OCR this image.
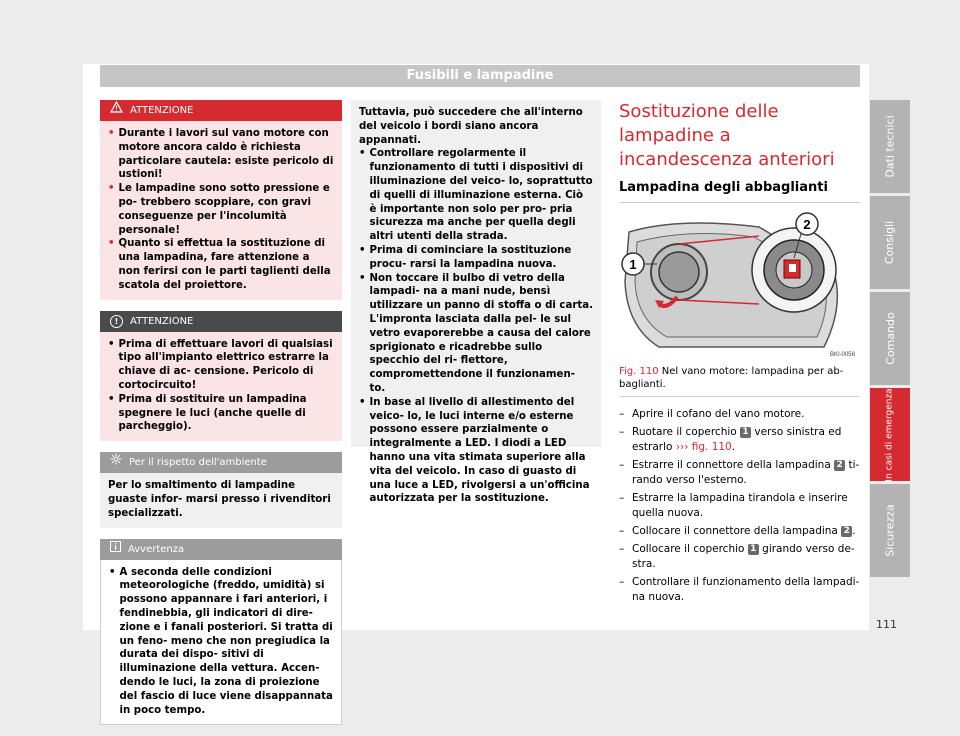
Fusibili e lampadine
ATTENZIONE
• Durante i lavori sul vano motore con motore ancora caldo è richiesta particolare cautela: esiste pericolo di ustioni!
• Le lampadine sono sotto pressione e po- trebbero scoppiare, con gravi conseguenze per l'incolumità personale!
• Quanto si effettua la sostituzione di una lampadina, fare attenzione a non ferirsi con le parti taglienti della scatola del proiettore.
!	ATTENZIONE
• Prima di effettuare lavori di qualsiasi tipo all'impianto elettrico estrarre la chiave di ac- censione. Pericolo di cortocircuito!
• Prima di sostituire un lampadina spegnere le luci (anche quelle di parcheggio).
Per il rispetto dell'ambiente
Per lo smaltimento di lampadine guaste infor- marsi presso i rivenditori specializzati.
Avvertenza
• A seconda delle condizioni meteorologiche (freddo, umidità) si possono appannare i fari anteriori, i fendinebbia, gli indicatori di dire- zione e i fanali posteriori. Si tratta di un feno- meno che non pregiudica la durata dei dispo- sitivi di illuminazione della vettura. Accen- dendo le luci, la zona di proiezione del fascio di luce viene disappannata in poco tempo.
Tuttavia, può succedere che all'interno del veicolo i bordi siano ancora appannati.
• Controllare regolarmente il funzionamento di tutti i dispositivi di illuminazione del veico- lo, soprattutto di quelli di illuminazione esterna. Ciò è importante non solo per pro- pria sicurezza ma anche per quella degli altri utenti della strada.
• Prima di cominciare la sostituzione procu- rarsi la lampadina nuova.
• Non toccare il bulbo di vetro della lampadi- na a mani nude, bensì utilizzare un panno di stoffa o di carta. L'impronta lasciata dalla pel- le sul vetro evaporerebbe a causa del calore sprigionato e ricadrebbe sullo specchio del ri- flettore, compromettendone il funzionamen- to.
• In base al livello di allestimento del veico- lo, le luci interne e/o esterne possono essere parzialmente o integralmente a LED. I diodi a LED hanno una vita stimata superiore alla vita del veicolo. In caso di guasto di una luce a LED, rivolgersi a un'officina autorizzata per la sostituzione.
Sostituzione delle lampadine a incandescenza anteriori
Lampadina degli abbaglianti
1
2
BKI-0058
Fig. 110 Nel vano motore: lampadina per ab- baglianti.
– Aprire il cofano del vano motore.
– Ruotare il coperchio 1 verso sinistra ed estrarlo ››› fig. 110.
– Estrarre il connettore della lampadina 2 ti- rando verso l'esterno.
– Estrarre la lampadina tirandola e inserire quella nuova.
– Collocare il connettore della lampadina 2 .
– Collocare il coperchio 1 girando verso de- stra.
– Controllare il funzionamento della lampadi- na nuova.
Dati tecnici
Consigli
Comando
In casi di emergenza
Sicurezza
111
